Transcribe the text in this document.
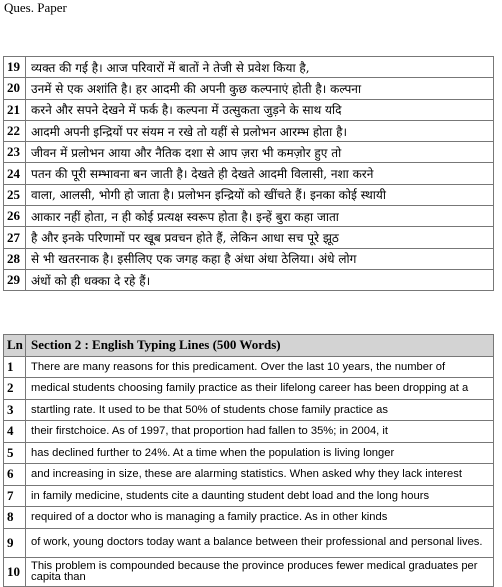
Ques. Paper
19	व्यक्त की गई है। आज परिवारों में बातों ने तेजी से प्रवेश किया है,
20	उनमें से एक अशांति है। हर आदमी की अपनी कुछ कल्पनाएं होती है। कल्पना
21	करने और सपने देखने में फर्क है। कल्पना में उत्सुकता जुड़ने के साथ यदि
22	आदमी अपनी इन्द्रियों पर संयम न रखे तो यहीं से प्रलोभन आरम्भ होता है।
23	जीवन में प्रलोभन आया और नैतिक दशा से आप ज़रा भी कमज़ोर हुए तो
24	पतन की पूरी सम्भावना बन जाती है। देखते ही देखते आदमी विलासी, नशा करने
25	वाला, आलसी, भोगी हो जाता है। प्रलोभन इन्द्रियों को खींचते हैं। इनका कोई स्थायी
26	आकार नहीं होता, न ही कोई प्रत्यक्ष स्वरूप होता है। इन्हें बुरा कहा जाता
27	है और इनके परिणामों पर खूब प्रवचन होते हैं, लेकिन आधा सच पूरे झूठ
28	से भी खतरनाक है। इसीलिए एक जगह कहा है अंधा अंधा ठेलिया। अंधे लोग
29	अंधों को ही धक्का दे रहे हैं।
Ln	Section 2 : English Typing Lines (500 Words)
1	There are many reasons for this predicament. Over the last 10 years, the number of
2	medical students choosing family practice as their lifelong career has been dropping at a
3	startling rate. It used to be that 50% of students chose family practice as
4	their firstchoice. As of 1997, that proportion had fallen to 35%; in 2004, it
5	has declined further to 24%. At a time when the population is living longer
6	and increasing in size, these are alarming statistics. When asked why they lack interest
7	in family medicine, students cite a daunting student debt load and the long hours
8	required of a doctor who is managing a family practice. As in other kinds
9	of work, young doctors today want a balance between their professional and personal lives.
10	This problem is compounded because the province produces fewer medical graduates per capita than
